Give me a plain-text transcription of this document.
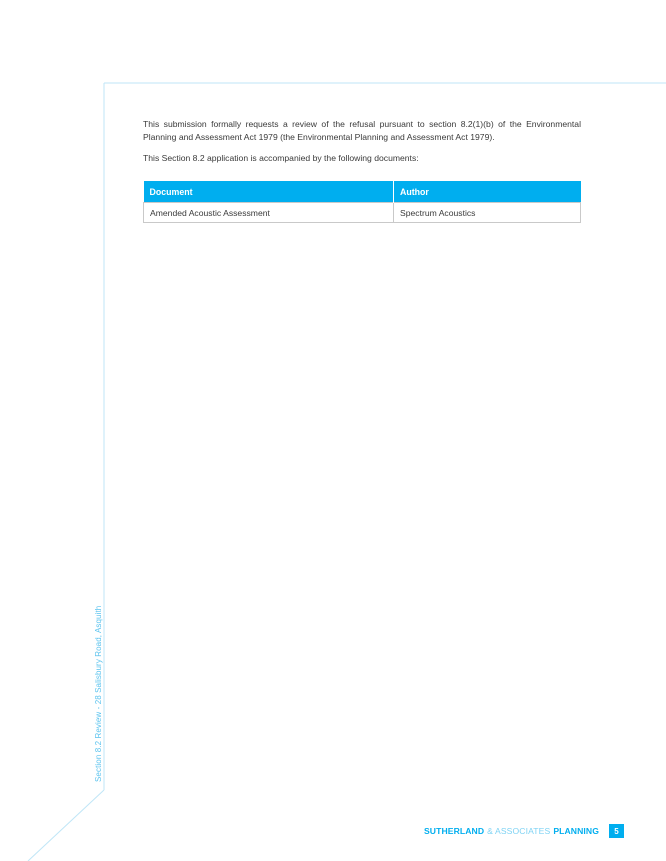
This submission formally requests a review of the refusal pursuant to section 8.2(1)(b) of the Environmental Planning and Assessment Act 1979 (the Environmental Planning and Assessment Act 1979).

This Section 8.2 application is accompanied by the following documents:

Document	Author
Amended Acoustic Assessment	Spectrum Acoustics
Section 8.2 Review - 28 Salisbury Road, Asquith
SUTHERLAND & ASSOCIATES PLANNING	5
